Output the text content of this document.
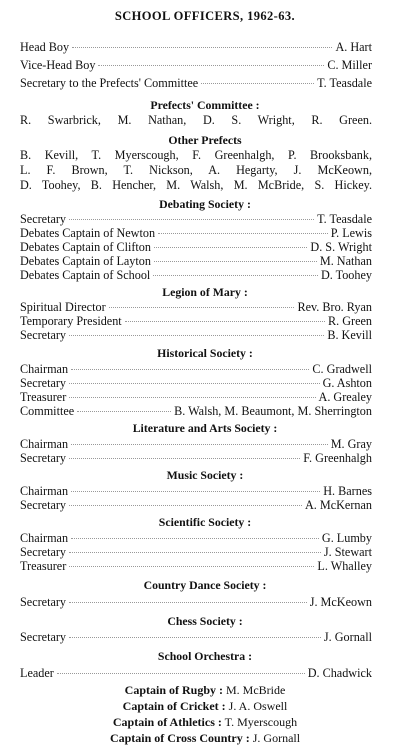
SCHOOL OFFICERS, 1962-63.
Head Boy	A. Hart
Vice-Head Boy	C. Miller
Secretary to the Prefects' Committee	T. Teasdale
Prefects' Committee :
R. Swarbrick, M. Nathan, D. S. Wright, R. Green.
Other Prefects
B. Kevill, T. Myerscough, F. Greenhalgh, P. Brooksbank,
L. F. Brown, T. Nickson, A. Hegarty, J. McKeown,
D. Toohey, B. Hencher, M. Walsh, M. McBride, S. Hickey.
Debating Society :
Secretary	T. Teasdale
Debates Captain of Newton	P. Lewis
Debates Captain of Clifton	D. S. Wright
Debates Captain of Layton	M. Nathan
Debates Captain of School	D. Toohey
Legion of Mary :
Spiritual Director	Rev. Bro. Ryan
Temporary President	R. Green
Secretary	B. Kevill
Historical Society :
Chairman	C. Gradwell
Secretary	G. Ashton
Treasurer	A. Grealey
Committee	B. Walsh, M. Beaumont, M. Sherrington
Literature and Arts Society :
Chairman	M. Gray
Secretary	F. Greenhalgh
Music Society :
Chairman	H. Barnes
Secretary	A. McKernan
Scientific Society :
Chairman	G. Lumby
Secretary	J. Stewart
Treasurer	L. Whalley
Country Dance Society :
Secretary	J. McKeown
Chess Society :
Secretary	J. Gornall
School Orchestra :
Leader	D. Chadwick
Captain of Rugby : M. McBride
Captain of Cricket : J. A. Oswell
Captain of Athletics : T. Myerscough
Captain of Cross Country : J. Gornall
